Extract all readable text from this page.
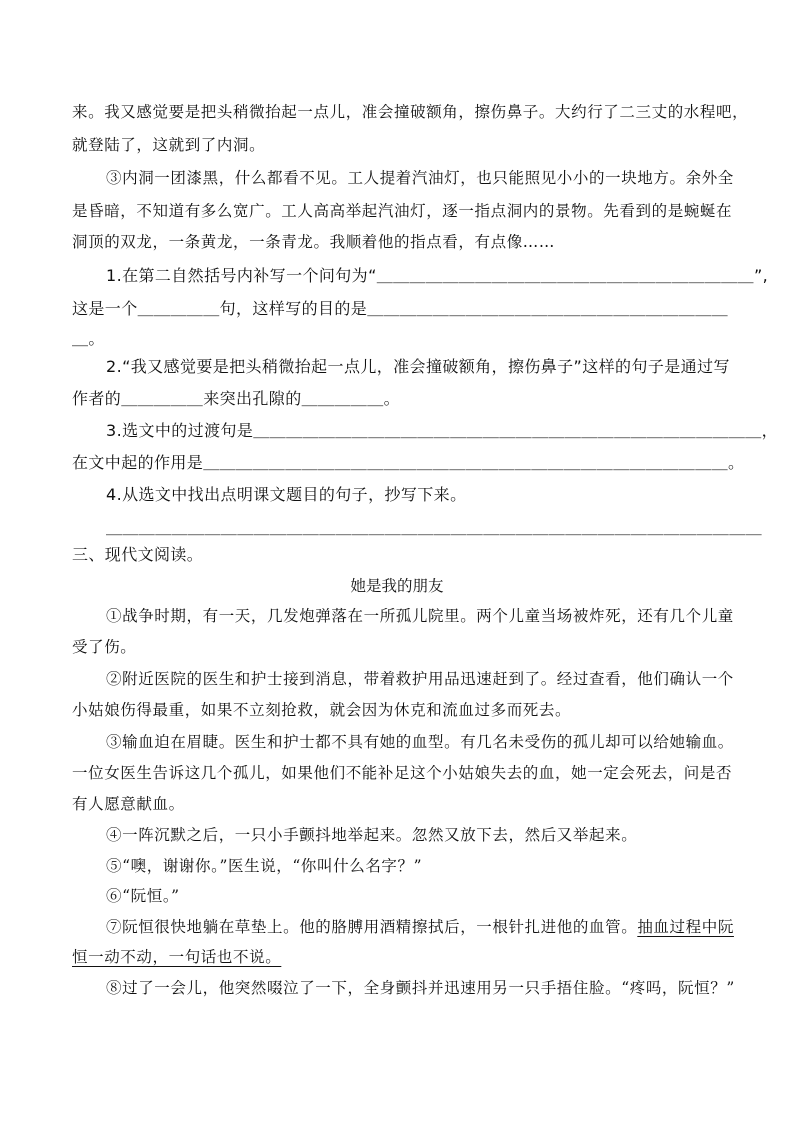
来。我又感觉要是把头稍微抬起一点儿，准会撞破额角，擦伤鼻子。大约行了二三丈的水程吧，
就登陆了，这就到了内洞。
③内洞一团漆黑，什么都看不见。工人提着汽油灯，也只能照见小小的一块地方。余外全
是昏暗，不知道有多么宽广。工人高高举起汽油灯，逐一指点洞内的景物。先看到的是蜿蜒在
洞顶的双龙，一条黄龙，一条青龙。我顺着他的指点看，有点像……
1.在第二自然括号内补写一个问句为“＿＿＿＿＿＿＿＿＿＿＿＿＿＿＿＿＿＿＿＿＿＿＿”,
这是一个＿＿＿＿＿句，这样写的目的是＿＿＿＿＿＿＿＿＿＿＿＿＿＿＿＿＿＿＿＿＿＿
＿。
2.“我又感觉要是把头稍微抬起一点儿，准会撞破额角，擦伤鼻子”这样的句子是通过写
作者的＿＿＿＿＿来突出孔隙的＿＿＿＿＿。
3.选文中的过渡句是＿＿＿＿＿＿＿＿＿＿＿＿＿＿＿＿＿＿＿＿＿＿＿＿＿＿＿＿＿＿＿，
在文中起的作用是＿＿＿＿＿＿＿＿＿＿＿＿＿＿＿＿＿＿＿＿＿＿＿＿＿＿＿＿＿＿＿＿。
4.从选文中找出点明课文题目的句子，抄写下来。
＿＿＿＿＿＿＿＿＿＿＿＿＿＿＿＿＿＿＿＿＿＿＿＿＿＿＿＿＿＿＿＿＿＿＿＿＿＿＿＿
三、现代文阅读。
她是我的朋友
①战争时期，有一天，几发炮弹落在一所孤儿院里。两个儿童当场被炸死，还有几个儿童
受了伤。
②附近医院的医生和护士接到消息，带着救护用品迅速赶到了。经过查看，他们确认一个
小姑娘伤得最重，如果不立刻抢救，就会因为休克和流血过多而死去。
③输血迫在眉睫。医生和护士都不具有她的血型。有几名未受伤的孤儿却可以给她输血。
一位女医生告诉这几个孤儿，如果他们不能补足这个小姑娘失去的血，她一定会死去，问是否
有人愿意献血。
④一阵沉默之后，一只小手颤抖地举起来。忽然又放下去，然后又举起来。
⑤“噢，谢谢你。”医生说，“你叫什么名字？”
⑥“阮恒。”
⑦阮恒很快地躺在草垫上。他的胳膊用酒精擦拭后，一根针扎进他的血管。抽血过程中阮
恒一动不动，一句话也不说。
⑧过了一会儿，他突然啜泣了一下，全身颤抖并迅速用另一只手捂住脸。“疼吗，阮恒？”
